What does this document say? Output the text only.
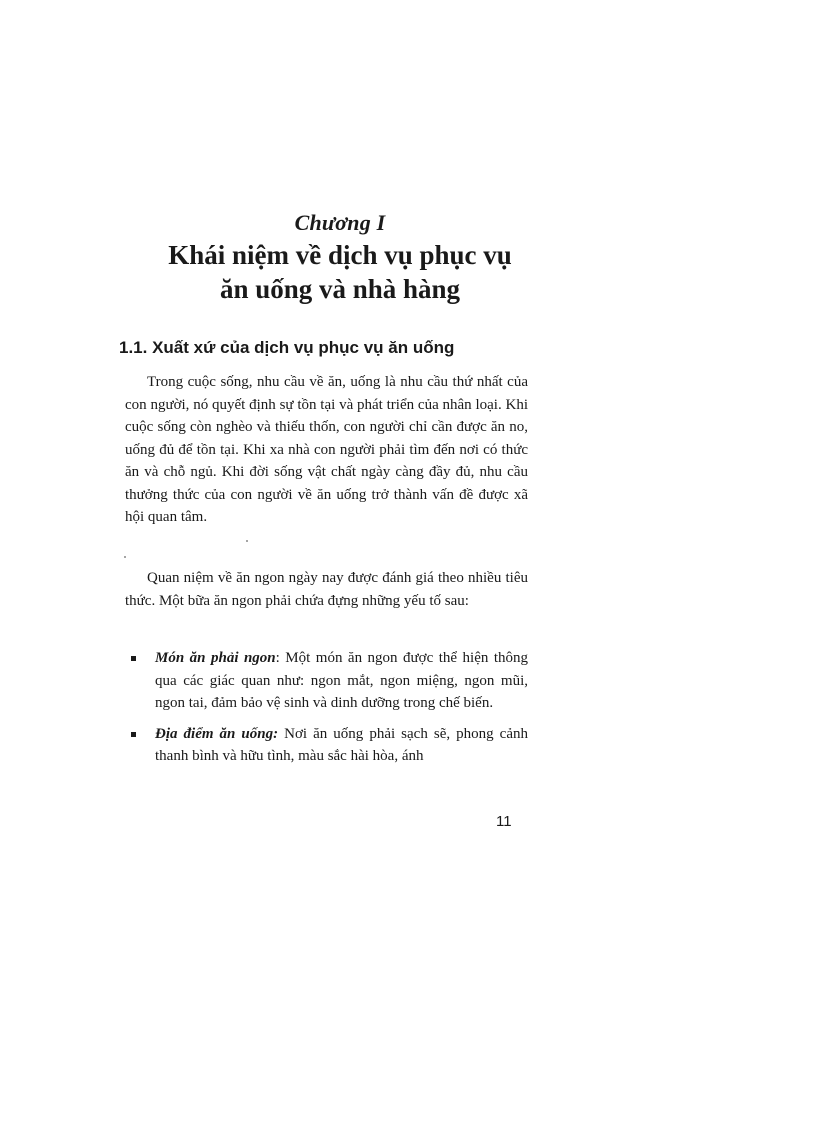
Chương I
Khái niệm về dịch vụ phục vụ
ăn uống và nhà hàng
1.1. Xuất xứ của dịch vụ phục vụ ăn uống

Trong cuộc sống, nhu cầu về ăn, uống là nhu cầu thứ nhất của con người, nó quyết định sự tồn tại và phát triển của nhân loại. Khi cuộc sống còn nghèo và thiếu thốn, con người chỉ cần được ăn no, uống đủ để tồn tại. Khi xa nhà con người phải tìm đến nơi có thức ăn và chỗ ngủ. Khi đời sống vật chất ngày càng đầy đủ, nhu cầu thưởng thức của con người về ăn uống trở thành vấn đề được xã hội quan tâm.

Quan niệm về ăn ngon ngày nay được đánh giá theo nhiều tiêu thức. Một bữa ăn ngon phải chứa đựng những yếu tố sau:

Món ăn phải ngon: Một món ăn ngon được thể hiện thông qua các giác quan như: ngon mắt, ngon miệng, ngon mũi, ngon tai, đảm bảo vệ sinh và dinh dưỡng trong chế biến.
Địa điểm ăn uống: Nơi ăn uống phải sạch sẽ, phong cảnh thanh bình và hữu tình, màu sắc hài hòa, ánh
11
